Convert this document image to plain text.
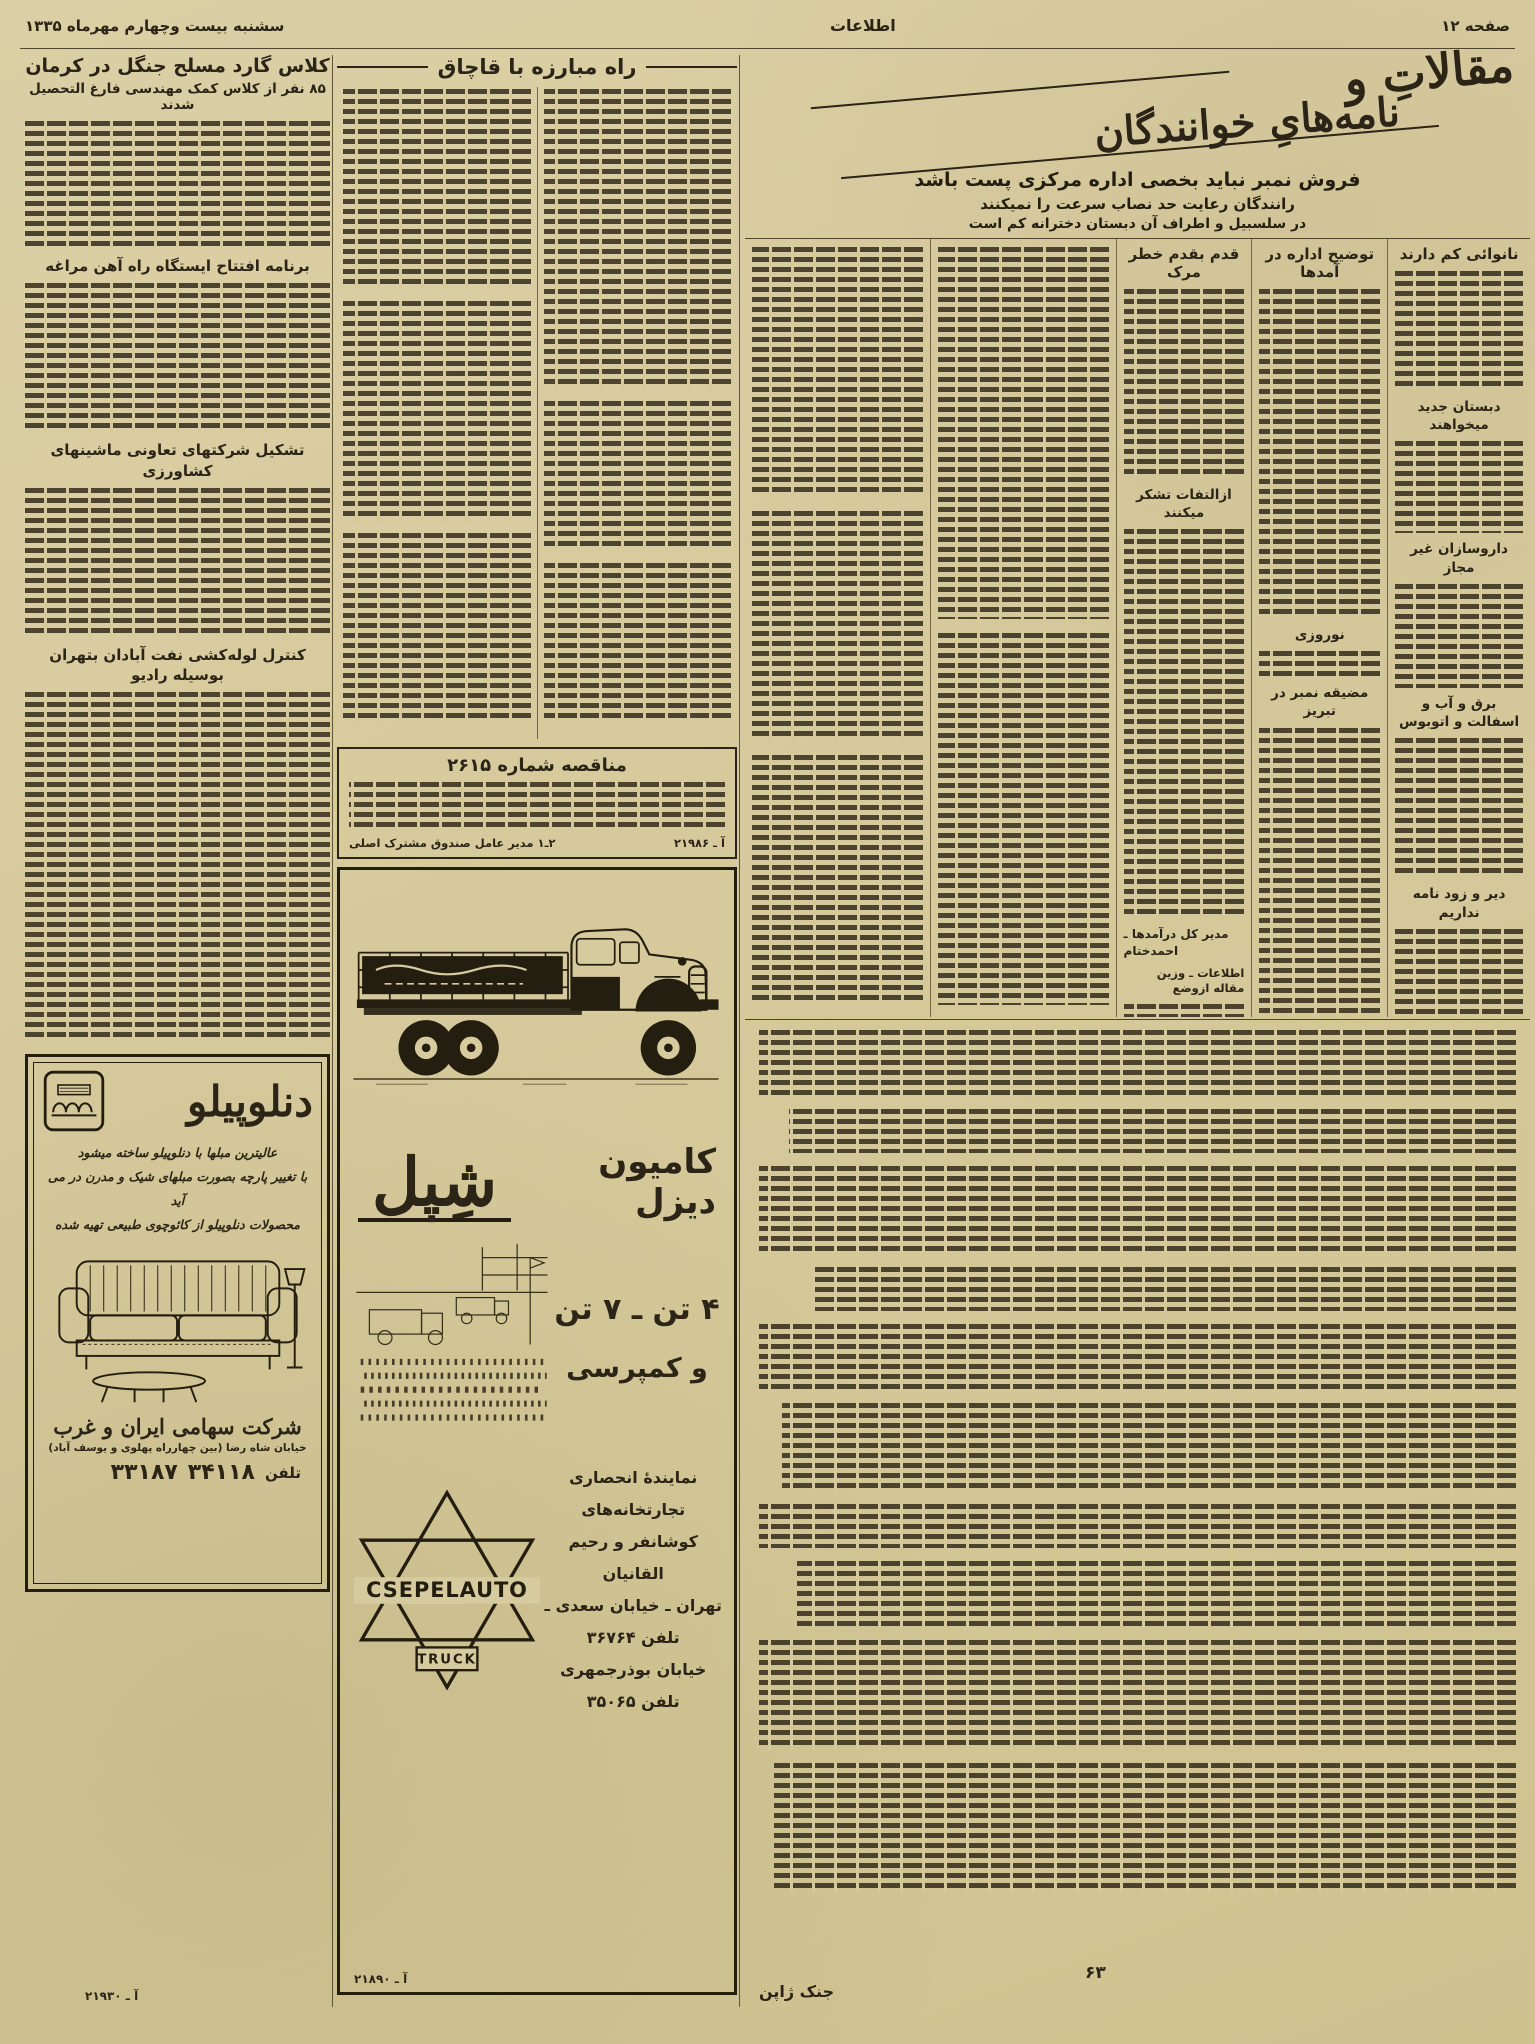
صفحه ۱۲
اطلاعات
سشنبه بیست وچهارم مهرماه ۱۳۳۵
مقالاتِ و
نامه‌هایِ خوانندگان
فروش نمبر نباید بخصی اداره مرکزی پست باشد
رانندگان رعایت حد نصاب سرعت را نمیکنند
در سلسبیل و اطراف آن دبستان دخترانه کم است
نانوائی کم دارند
دبستان جدید میخواهند
داروسازان غیر مجاز
برق و آب و اسفالت و اتوبوس
دیر و زود نامه نداریم
توضیح اداره در آمدها
نوروزی
مضیقه نمبر در تبریز
قدم بقدم خطر مرک
ازالتفات تشکر میکنند
مدیر کل درآمدها ـ احمدختام
اطلاعات ـ وزین مقاله ازوضع
جنک ژاپن
۶۳
راه مبارزه با قاچاق
مناقصه شماره ۲۶۱۵
آ ـ ۲۱۹۸۶
۲ـ۱ مدیر عامل صندوق مشترک اصلی
کامیون دیزل
شِپل
۴ تن ـ ۷ تن
و کمپرسی
نمایندهٔ انحصاری
تجارتخانه‌های کوشانفر و رحیم القانیان
تهران ـ خیابان سعدی ـ تلفن ۳۶۷۶۴
خیابان بوذرجمهری تلفن ۳۵۰۶۵
CSEPELAUTO
TRUCK
آ ـ ۲۱۸۹۰
کلاس گارد مسلح جنگل در کرمان
۸۵ نفر از کلاس کمک مهندسی فارغ التحصیل شدند
برنامه افتتاح ایستگاه راه آهن مراغه
تشکیل شرکتهای تعاونی ماشینهای کشاورزی
کنترل لوله‌کشی نفت آبادان بتهران بوسیله رادیو
دنلوپیلو
عالیترین مبلها با دنلوپیلو ساخته میشود
با تغییر پارچه بصورت مبلهای شیک و مدرن در می آید
محصولات دنلوپیلو از کائوچوی طبیعی تهیه شده
شرکت سهامی ایران و غرب
خیابان شاه رضا (بین چهارراه پهلوی و یوسف آباد)
تلفن
۳۴۱۱۸
۳۳۱۸۷
آ ـ ۲۱۹۳۰
